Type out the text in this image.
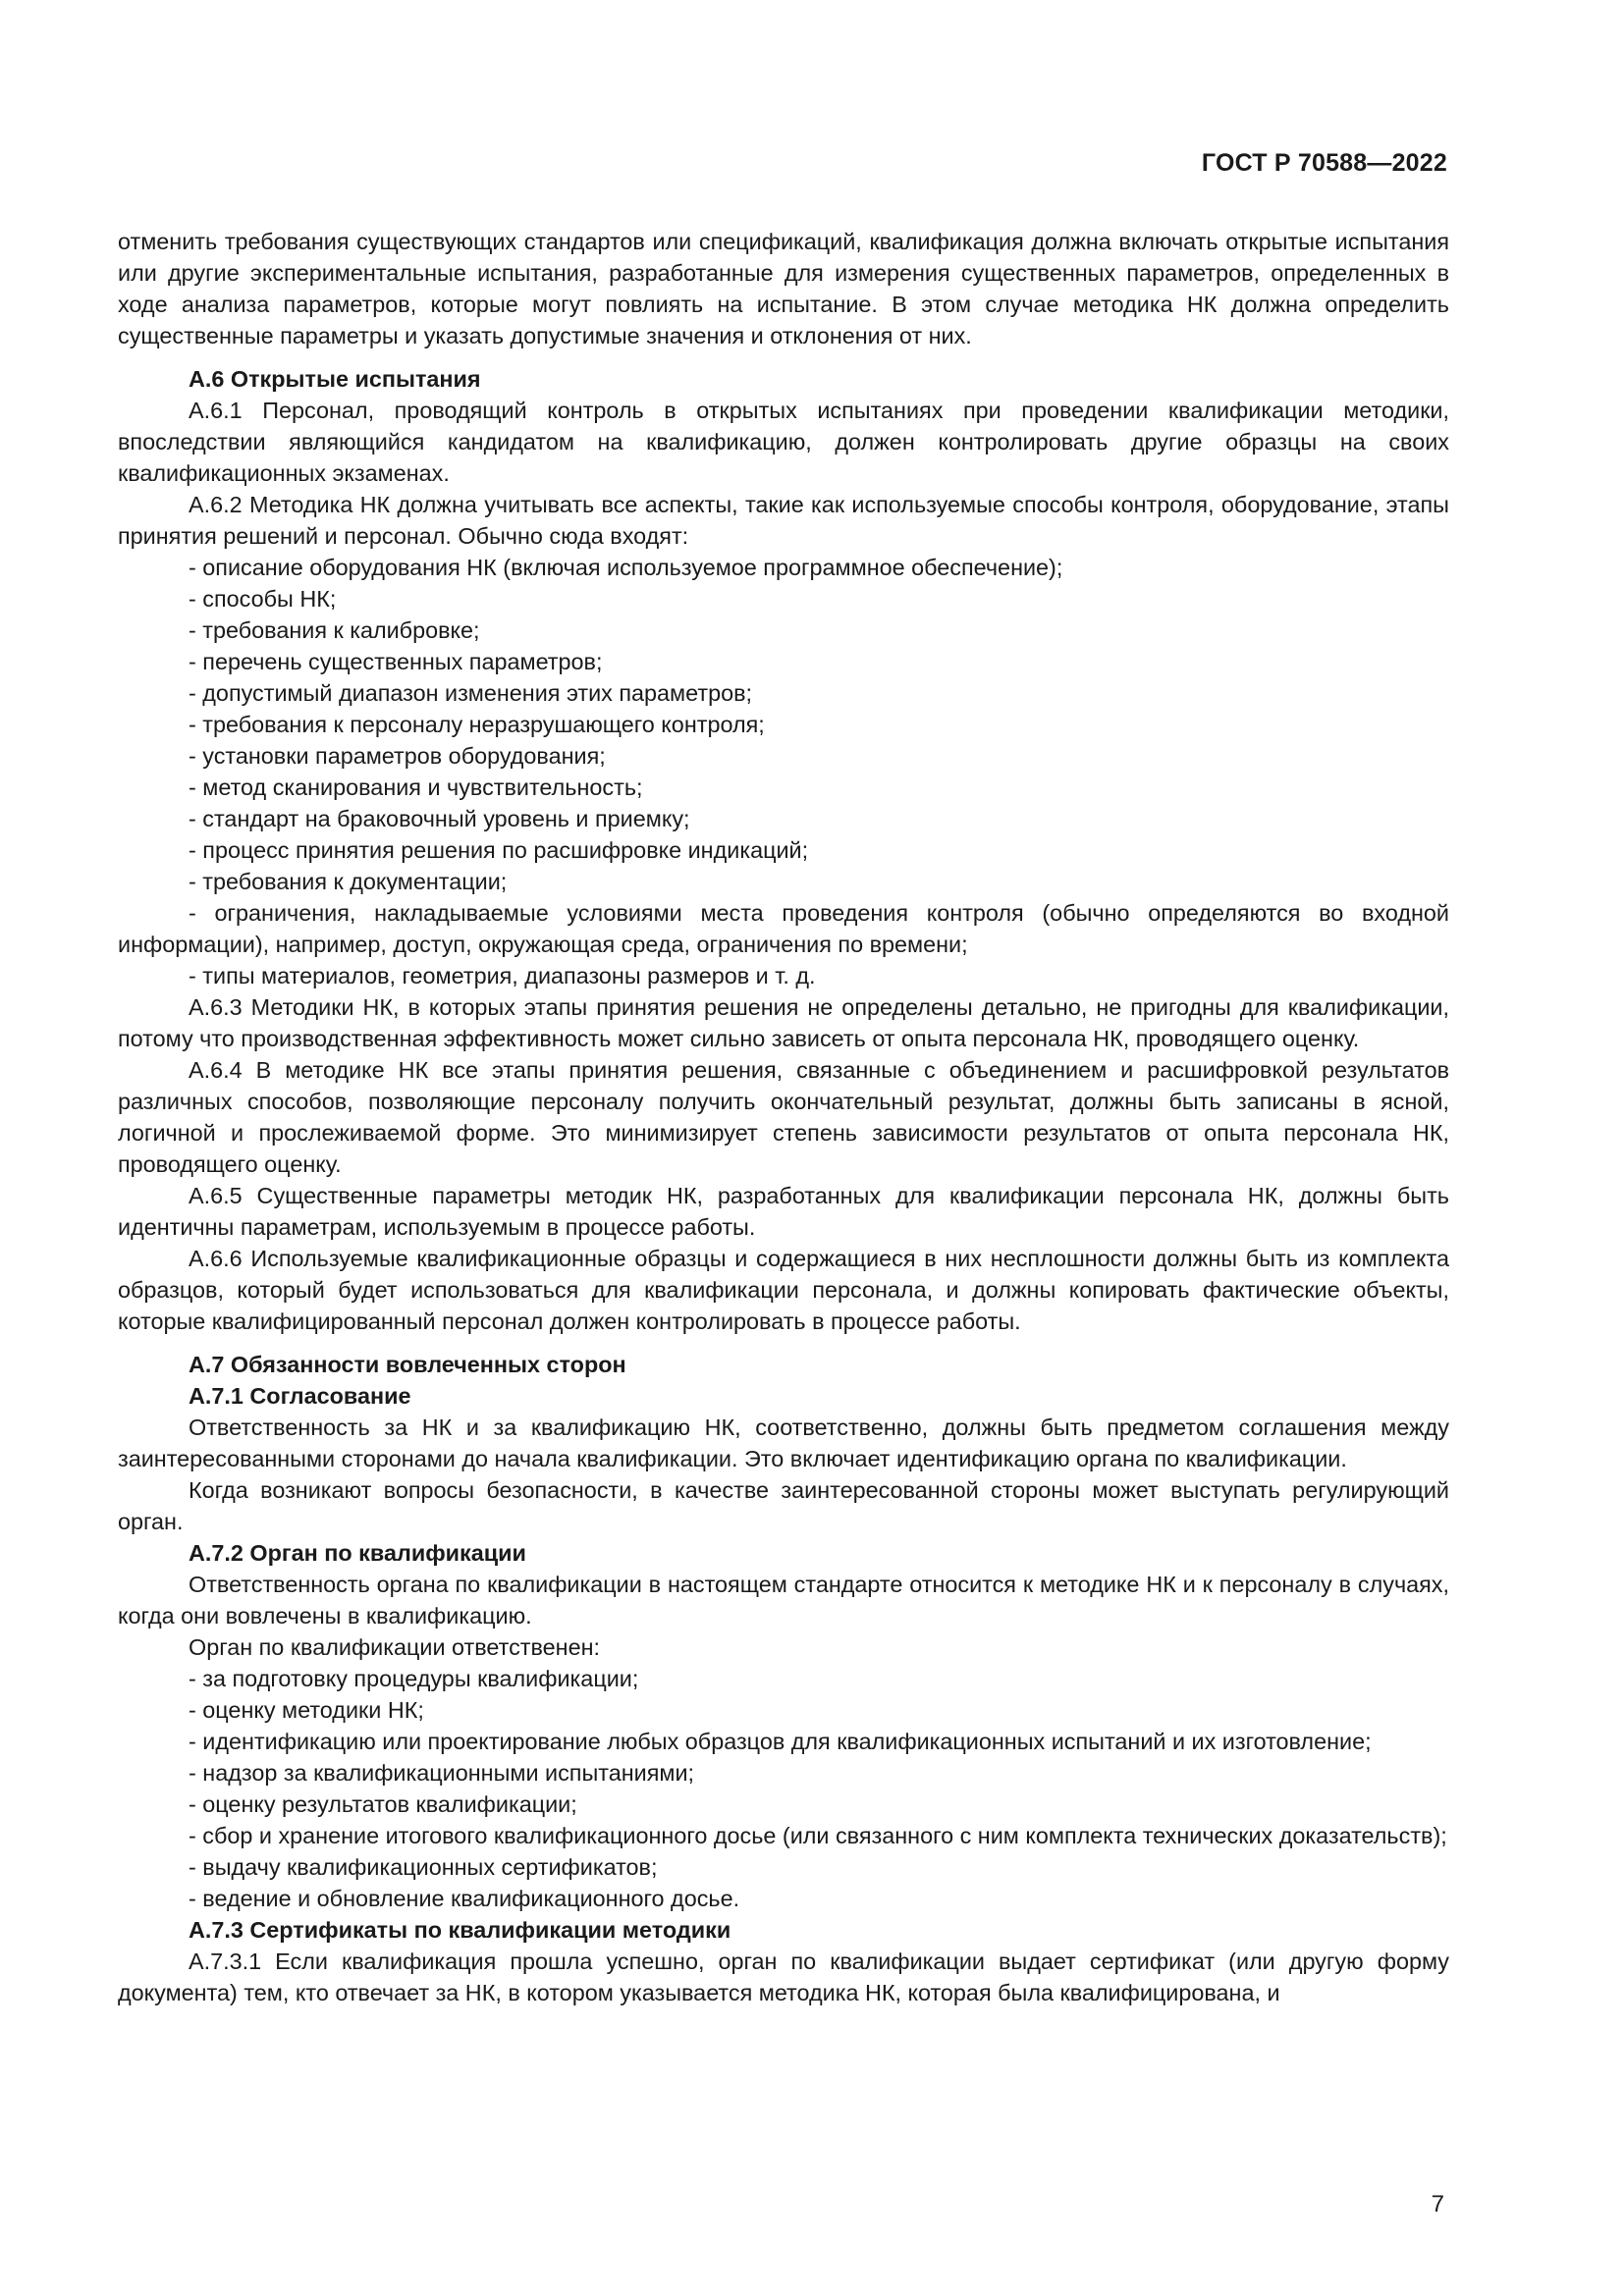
ГОСТ Р 70588—2022

отменить требования существующих стандартов или спецификаций, квалификация должна включать открытые испытания или другие экспериментальные испытания, разработанные для измерения существенных параметров, определенных в ходе анализа параметров, которые могут повлиять на испытание. В этом случае методика НК должна определить существенные параметры и указать допустимые значения и отклонения от них.

А.6 Открытые испытания

А.6.1 Персонал, проводящий контроль в открытых испытаниях при проведении квалификации методики, впоследствии являющийся кандидатом на квалификацию, должен контролировать другие образцы на своих квалификационных экзаменах.

А.6.2 Методика НК должна учитывать все аспекты, такие как используемые способы контроля, оборудование, этапы принятия решений и персонал. Обычно сюда входят:

- описание оборудования НК (включая используемое программное обеспечение);

- способы НК;

- требования к калибровке;

- перечень существенных параметров;

- допустимый диапазон изменения этих параметров;

- требования к персоналу неразрушающего контроля;

- установки параметров оборудования;

- метод сканирования и чувствительность;

- стандарт на браковочный уровень и приемку;

- процесс принятия решения по расшифровке индикаций;

- требования к документации;

- ограничения, накладываемые условиями места проведения контроля (обычно определяются во входной информации), например, доступ, окружающая среда, ограничения по времени;

- типы материалов, геометрия, диапазоны размеров и т. д.

А.6.3 Методики НК, в которых этапы принятия решения не определены детально, не пригодны для квалификации, потому что производственная эффективность может сильно зависеть от опыта персонала НК, проводящего оценку.

А.6.4 В методике НК все этапы принятия решения, связанные с объединением и расшифровкой результатов различных способов, позволяющие персоналу получить окончательный результат, должны быть записаны в ясной, логичной и прослеживаемой форме. Это минимизирует степень зависимости результатов от опыта персонала НК, проводящего оценку.

А.6.5 Существенные параметры методик НК, разработанных для квалификации персонала НК, должны быть идентичны параметрам, используемым в процессе работы.

А.6.6 Используемые квалификационные образцы и содержащиеся в них несплошности должны быть из комплекта образцов, который будет использоваться для квалификации персонала, и должны копировать фактические объекты, которые квалифицированный персонал должен контролировать в процессе работы.

А.7 Обязанности вовлеченных сторон

А.7.1 Согласование

Ответственность за НК и за квалификацию НК, соответственно, должны быть предметом соглашения между заинтересованными сторонами до начала квалификации. Это включает идентификацию органа по квалификации.

Когда возникают вопросы безопасности, в качестве заинтересованной стороны может выступать регулирующий орган.

А.7.2 Орган по квалификации

Ответственность органа по квалификации в настоящем стандарте относится к методике НК и к персоналу в случаях, когда они вовлечены в квалификацию.

Орган по квалификации ответственен:

- за подготовку процедуры квалификации;

- оценку методики НК;

- идентификацию или проектирование любых образцов для квалификационных испытаний и их изготовление;

- надзор за квалификационными испытаниями;

- оценку результатов квалификации;

- сбор и хранение итогового квалификационного досье (или связанного с ним комплекта технических доказательств);

- выдачу квалификационных сертификатов;

- ведение и обновление квалификационного досье.

А.7.3 Сертификаты по квалификации методики

А.7.3.1 Если квалификация прошла успешно, орган по квалификации выдает сертификат (или другую форму документа) тем, кто отвечает за НК, в котором указывается методика НК, которая была квалифицирована, и

7
